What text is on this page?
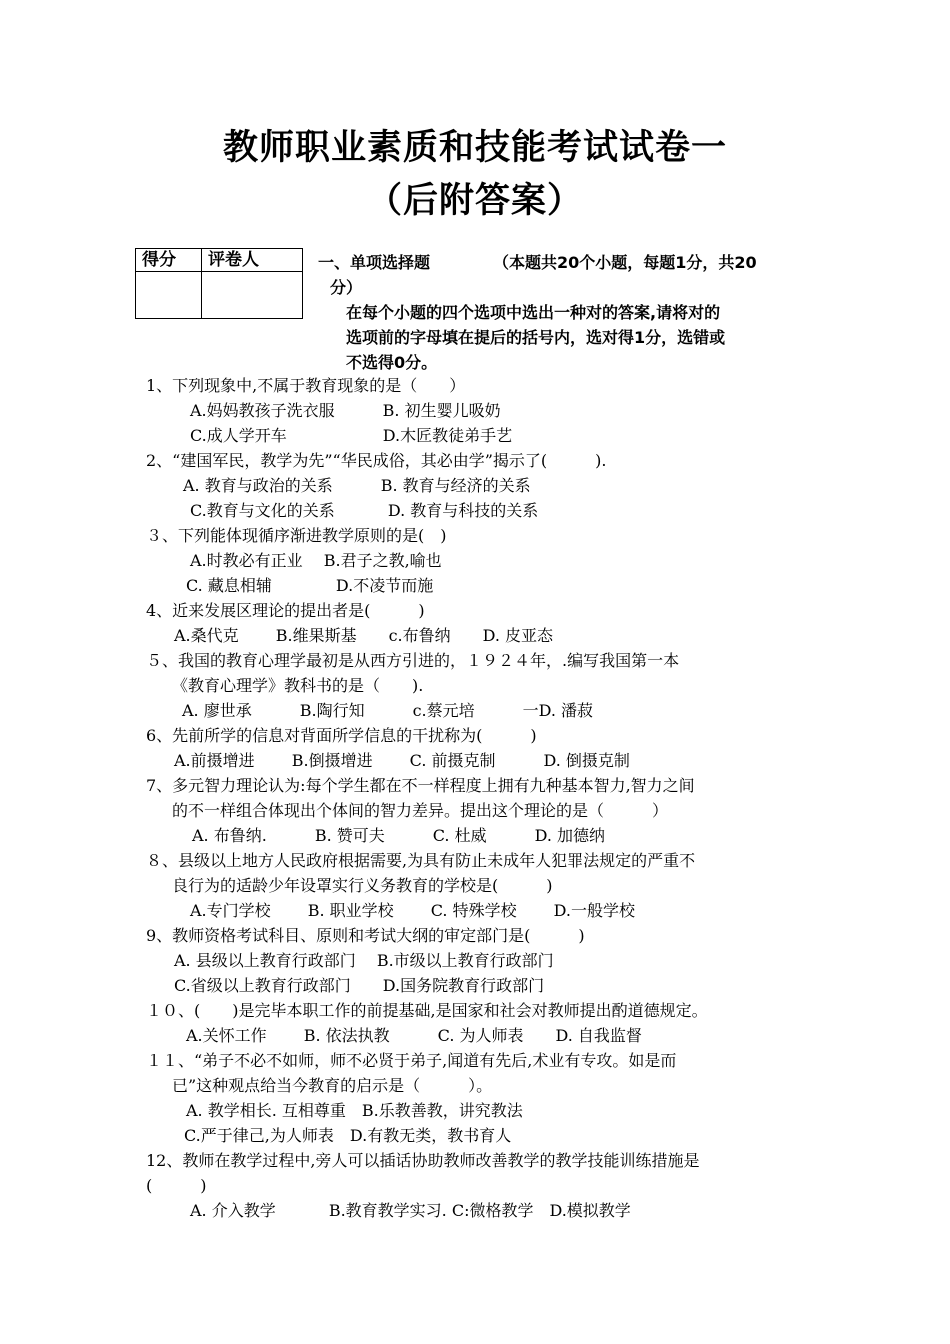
教师职业素质和技能考试试卷一
（后附答案）
得分	评卷人
		一、单项选择题	（本题共20个小题，每题1分，共20
分）
在每个小题的四个选项中选出一种对的答案,请将对的
选项前的字母填在提后的括号内，选对得1分，选错或
不选得0分。
1、下列现象中,不属于教育现象的是（　　）
A.妈妈教孩子洗衣服　　　B. 初生婴儿吸奶
C.成人学开车　　　　　　D.木匠教徒弟手艺
2、“建国军民，教学为先”“华民成俗，其必由学”揭示了(　　　).
A. 教育与政治的关系　　　B. 教育与经济的关系
C.教育与文化的关系　　　 D. 教育与科技的关系
３、下列能体现循序渐进教学原则的是(　)
A.时教必有正业　 B.君子之教,喻也
C. 藏息相辅　　　　D.不凌节而施
4、近来发展区理论的提出者是(　　　)
A.桑代克　　 B.维果斯基　　c.布鲁纳　　D. 皮亚态
５、我国的教育心理学最初是从西方引进的，１９２４年，.编写我国第一本
《教育心理学》教科书的是（　　).
A. 廖世承　　　B.陶行知　　　c.蔡元培　　　一D. 潘菽
6、先前所学的信息对背面所学信息的干扰称为(　　　)
A.前摄增进　　 B.倒摄增进　　 C. 前摄克制　　　D. 倒摄克制
7、多元智力理论认为:每个学生都在不一样程度上拥有九种基本智力,智力之间
的不一样组合体现出个体间的智力差异。提出这个理论的是（　　　）
A. 布鲁纳.　　　B. 赞可夫　　　C. 杜威　　　D. 加德纳
８、县级以上地方人民政府根据需要,为具有防止未成年人犯罪法规定的严重不
良行为的适龄少年设罩实行义务教育的学校是(　　　)
A.专门学校　　 B. 职业学校　　 C. 特殊学校　　 D.一般学校
9、教师资格考试科目、原则和考试大纲的审定部门是(　　　)
A. 县级以上教育行政部门　 B.市级以上教育行政部门
C.省级以上教育行政部门　　D.国务院教育行政部门
１０、(　　)是完毕本职工作的前提基础,是国家和社会对教师提出酌道德规定。
A.关怀工作　　 B. 依法执教　　　C. 为人师表　　D. 自我监督
１１、“弟子不必不如师，师不必贤于弟子,闻道有先后,术业有专攻。如是而
已”这种观点给当今教育的启示是（　　　）。
A. 教学相长. 互相尊重　B.乐教善教，讲究教法
C.严于律己,为人师表　D.有教无类，教书育人
12、教师在教学过程中,旁人可以插话协助教师改善教学的教学技能训练措施是
(　　　)
A. 介入教学　　　 B.教育教学实习. C:微格教学　D.模拟教学
